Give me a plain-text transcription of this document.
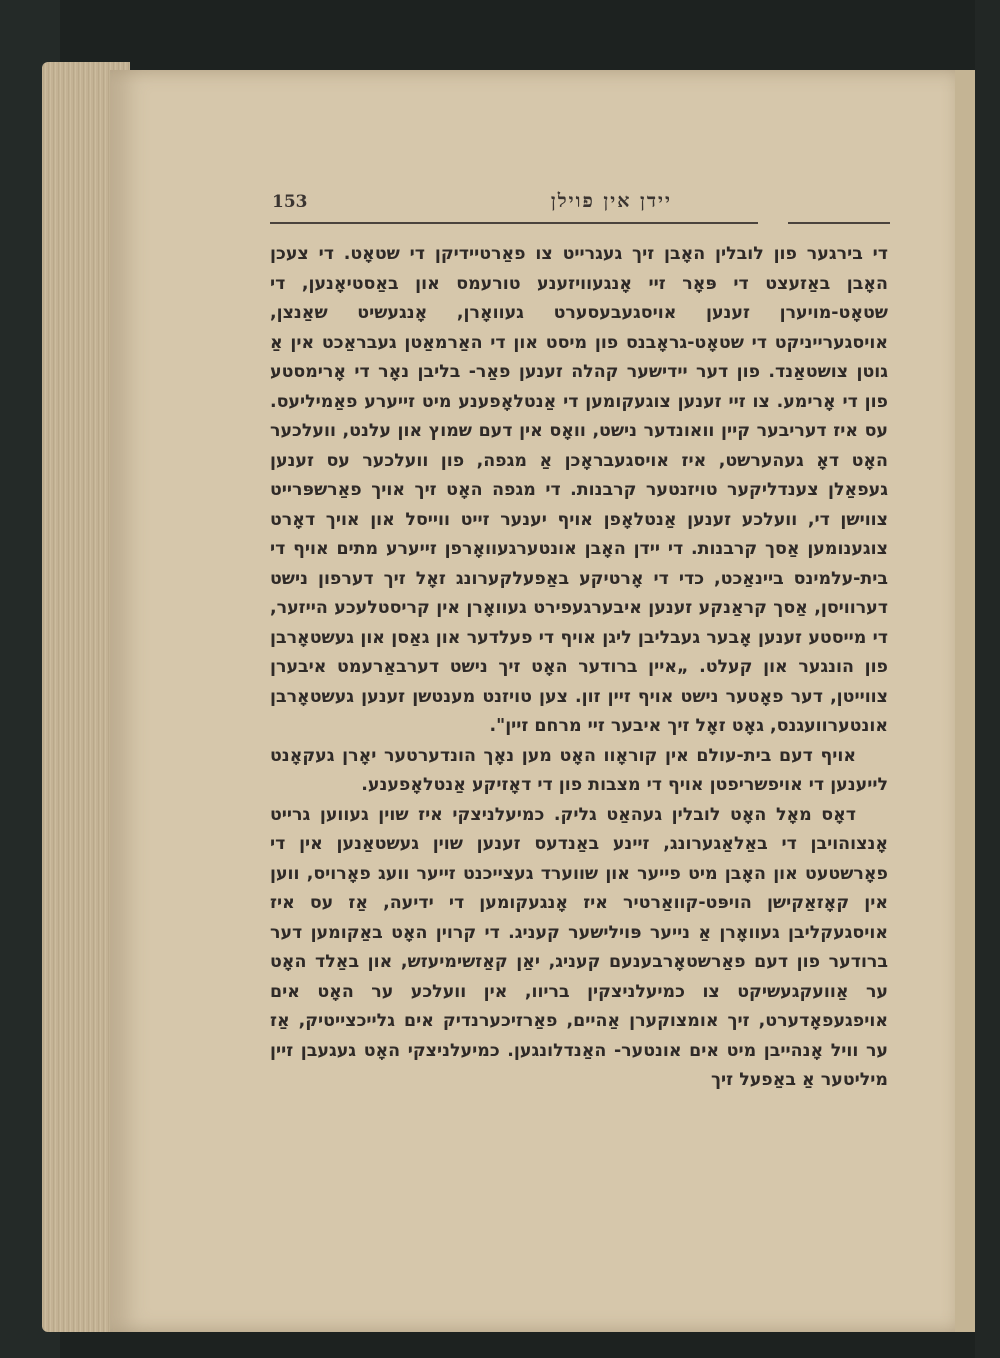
153	יידן אין פוילן

די בירגער פון לובלין האָבן זיך געגרייט צו פאַרטיידיקן די שטאָט. די צעכן האָבן באַזעצט די פּאָר זיי אָנגעוויזענע טורעמס און באַסטיאָנען, די שטאָט-מויערן זענען אויסגעבעסערט געוואָרן, אָנגעשיט שאַנצן, אויסגערייניקט די שטאָט-גראָבנס פון מיסט און די האַרמאַטן געבראַכט אין אַ גוטן צושטאַנד. פון דער יידישער קהלה זענען פאַר- בליבן נאָר די אָרימסטע פון די אָרימע. צו זיי זענען צוגעקומען די אַנטלאָפענע מיט זייערע פאַמיליעס. עס איז דעריבער קיין וואונדער נישט, וואָס אין דעם שמוץ און עלנט, וועלכער האָט דאָ געהערשט, איז אויסגעבראָכן אַ מגפה, פון וועלכער עס זענען געפאַלן צענדליקער טויזנטער קרבנות. די מגפה האָט זיך אויך פאַרשפּרייט צווישן די, וועלכע זענען אַנטלאָפן אויף יענער זייט ווייסל און אויך דאָרט צוגענומען אַסך קרבנות. די יידן האָבן אונטערגעוואָרפן זייערע מתים אויף די בית-עלמינס ביינאַכט, כדי די אָרטיקע באַפעלקערונג זאָל זיך דערפון נישט דערוויסן, אַסך קראַנקע זענען איבערגעפירט געוואָרן אין קריסטלעכע הייזער, די מייסטע זענען אָבער געבליבן ליגן אויף די פעלדער און גאַסן און געשטאָרבן פון הונגער און קעלט. „איין ברודער האָט זיך נישט דערבאַרעמט איבערן צווייטן, דער פאָטער נישט אויף זיין זון. צען טויזנט מענטשן זענען געשטאָרבן אונטערוועגנס, גאָט זאָל זיך איבער זיי מרחם זיין".

אויף דעם בית-עולם אין קוראָוו האָט מען נאָך הונדערטער יאָרן געקאָנט לייענען די אויפשריפטן אויף די מצבות פון די דאָזיקע אַנטלאָפענע.

דאָס מאָל האָט לובלין געהאַט גליק. כמיעלניצקי איז שוין געווען גרייט אָנצוהויבן די באַלאַגערונג, זיינע באַנדעס זענען שוין געשטאַנען אין די פאָרשטעט און האָבן מיט פייער און שווערד געצייכנט זייער וועג פאָרויס, ווען אין קאָזאַקישן הויפּט-קוואַרטיר איז אָנגעקומען די ידיעה, אַז עס איז אויסגעקליבן געוואָרן אַ נייער פּוילישער קעניג. די קרוין האָט באַקומען דער ברודער פון דעם פאַרשטאָרבענעם קעניג, יאַן קאַזשימיעזש, און באַלד האָט ער אַוועקגעשיקט צו כמיעלניצקין בריוו, אין וועלכע ער האָט אים אויפגעפאָדערט, זיך אומצוקערן אַהיים, פאַרזיכערנדיק אים גלייכצייטיק, אַז ער וויל אָנהייבן מיט אים אונטער- האַנדלונגען. כמיעלניצקי האָט געגעבן זיין מיליטער אַ באַפעל זיך
